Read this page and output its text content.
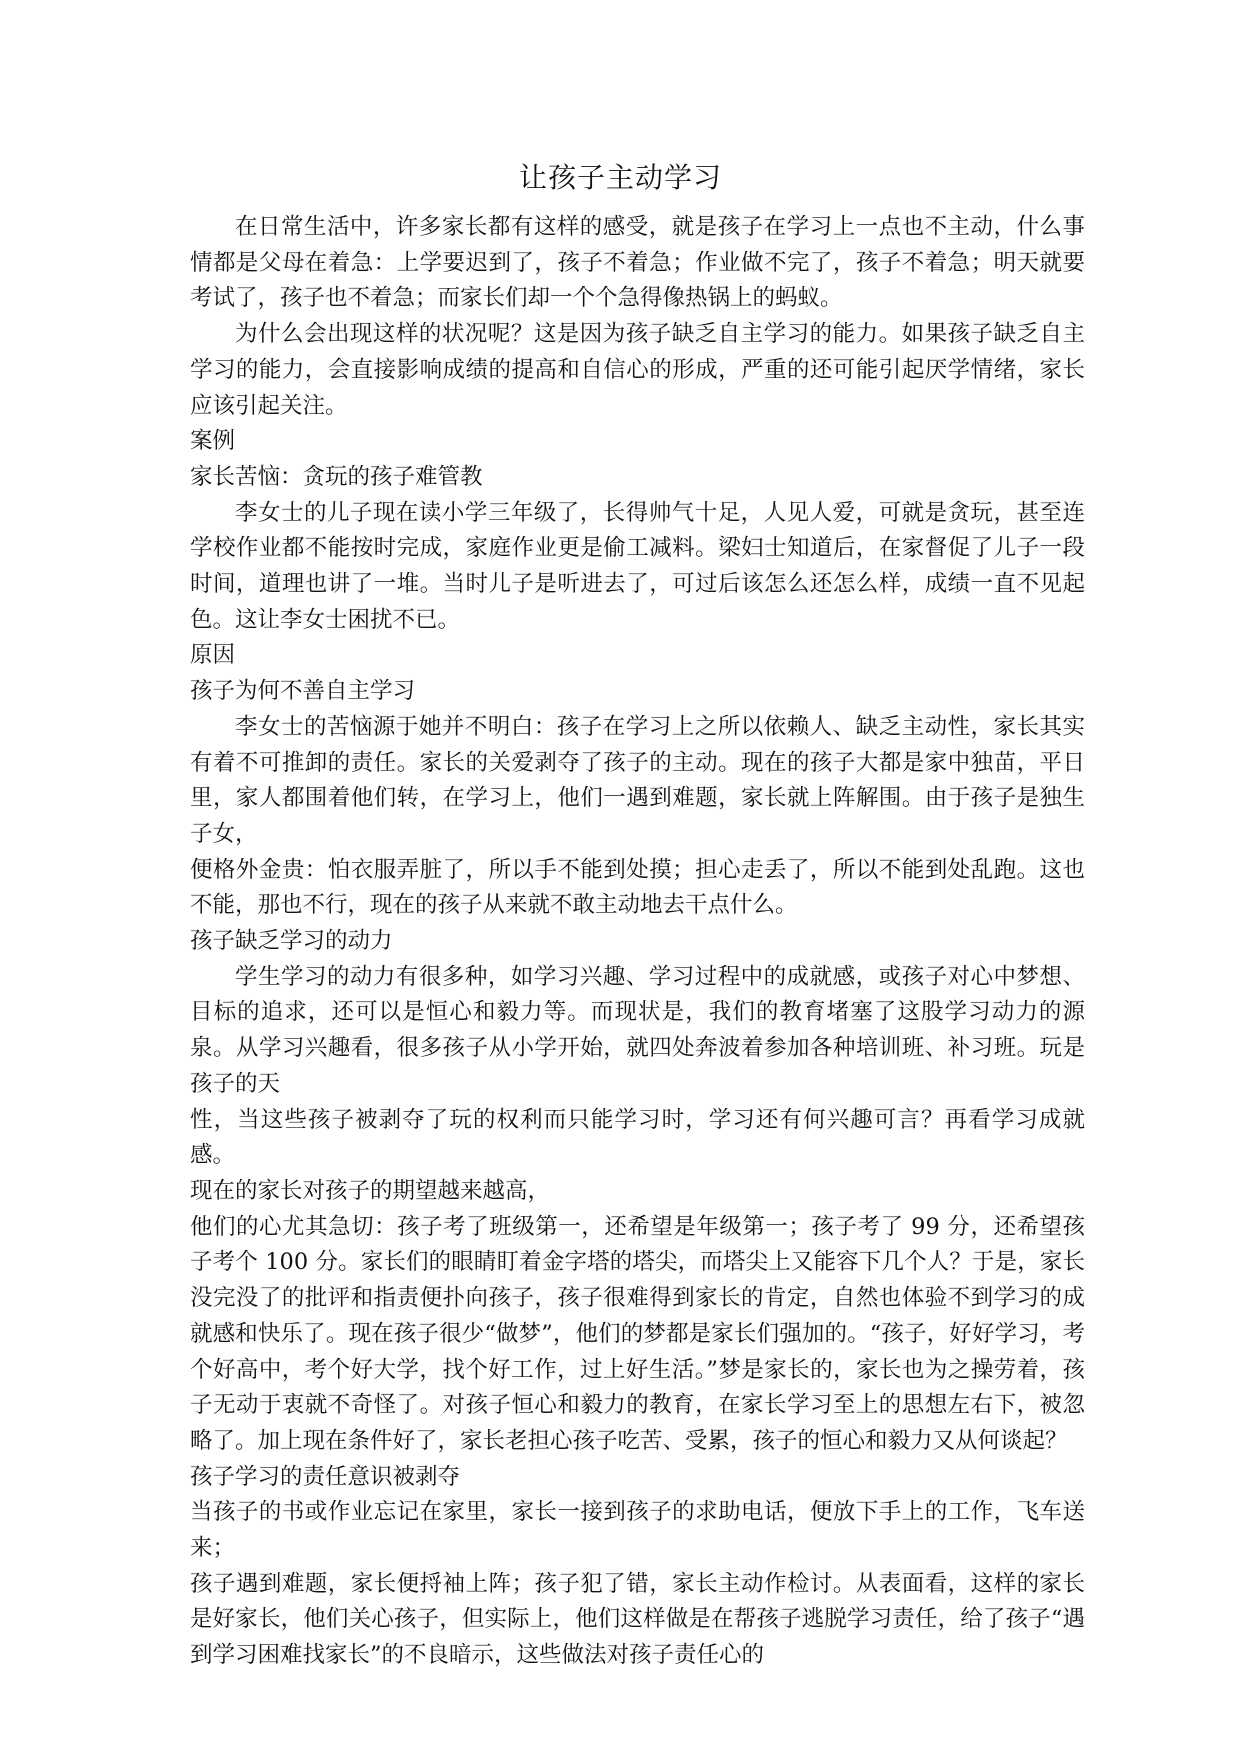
让孩子主动学习

在日常生活中，许多家长都有这样的感受，就是孩子在学习上一点也不主动，什么事情都是父母在着急：上学要迟到了，孩子不着急；作业做不完了，孩子不着急；明天就要考试了，孩子也不着急；而家长们却一个个急得像热锅上的蚂蚁。

为什么会出现这样的状况呢？这是因为孩子缺乏自主学习的能力。如果孩子缺乏自主学习的能力，会直接影响成绩的提高和自信心的形成，严重的还可能引起厌学情绪，家长应该引起关注。

案例

家长苦恼：贪玩的孩子难管教

李女士的儿子现在读小学三年级了，长得帅气十足，人见人爱，可就是贪玩，甚至连学校作业都不能按时完成，家庭作业更是偷工减料。梁妇士知道后，在家督促了儿子一段时间，道理也讲了一堆。当时儿子是听进去了，可过后该怎么还怎么样，成绩一直不见起色。这让李女士困扰不已。

原因

孩子为何不善自主学习

李女士的苦恼源于她并不明白：孩子在学习上之所以依赖人、缺乏主动性，家长其实有着不可推卸的责任。家长的关爱剥夺了孩子的主动。现在的孩子大都是家中独苗，平日里，家人都围着他们转，在学习上，他们一遇到难题，家长就上阵解围。由于孩子是独生子女，

便格外金贵：怕衣服弄脏了，所以手不能到处摸；担心走丢了，所以不能到处乱跑。这也不能，那也不行，现在的孩子从来就不敢主动地去干点什么。

孩子缺乏学习的动力

学生学习的动力有很多种，如学习兴趣、学习过程中的成就感，或孩子对心中梦想、目标的追求，还可以是恒心和毅力等。而现状是，我们的教育堵塞了这股学习动力的源泉。从学习兴趣看，很多孩子从小学开始，就四处奔波着参加各种培训班、补习班。玩是孩子的天

性，当这些孩子被剥夺了玩的权利而只能学习时，学习还有何兴趣可言？再看学习成就感。

现在的家长对孩子的期望越来越高，

他们的心尤其急切：孩子考了班级第一，还希望是年级第一；孩子考了 99 分，还希望孩子考个 100 分。家长们的眼睛盯着金字塔的塔尖，而塔尖上又能容下几个人？于是，家长没完没了的批评和指责便扑向孩子，孩子很难得到家长的肯定，自然也体验不到学习的成就感和快乐了。现在孩子很少“做梦”，他们的梦都是家长们强加的。“孩子，好好学习，考个好高中，考个好大学，找个好工作，过上好生活。”梦是家长的，家长也为之操劳着，孩子无动于衷就不奇怪了。对孩子恒心和毅力的教育，在家长学习至上的思想左右下，被忽略了。加上现在条件好了，家长老担心孩子吃苦、受累，孩子的恒心和毅力又从何谈起？

孩子学习的责任意识被剥夺

当孩子的书或作业忘记在家里，家长一接到孩子的求助电话，便放下手上的工作，飞车送来；

孩子遇到难题，家长便捋袖上阵；孩子犯了错，家长主动作检讨。从表面看，这样的家长是好家长，他们关心孩子，但实际上，他们这样做是在帮孩子逃脱学习责任，给了孩子“遇到学习困难找家长”的不良暗示，这些做法对孩子责任心的
